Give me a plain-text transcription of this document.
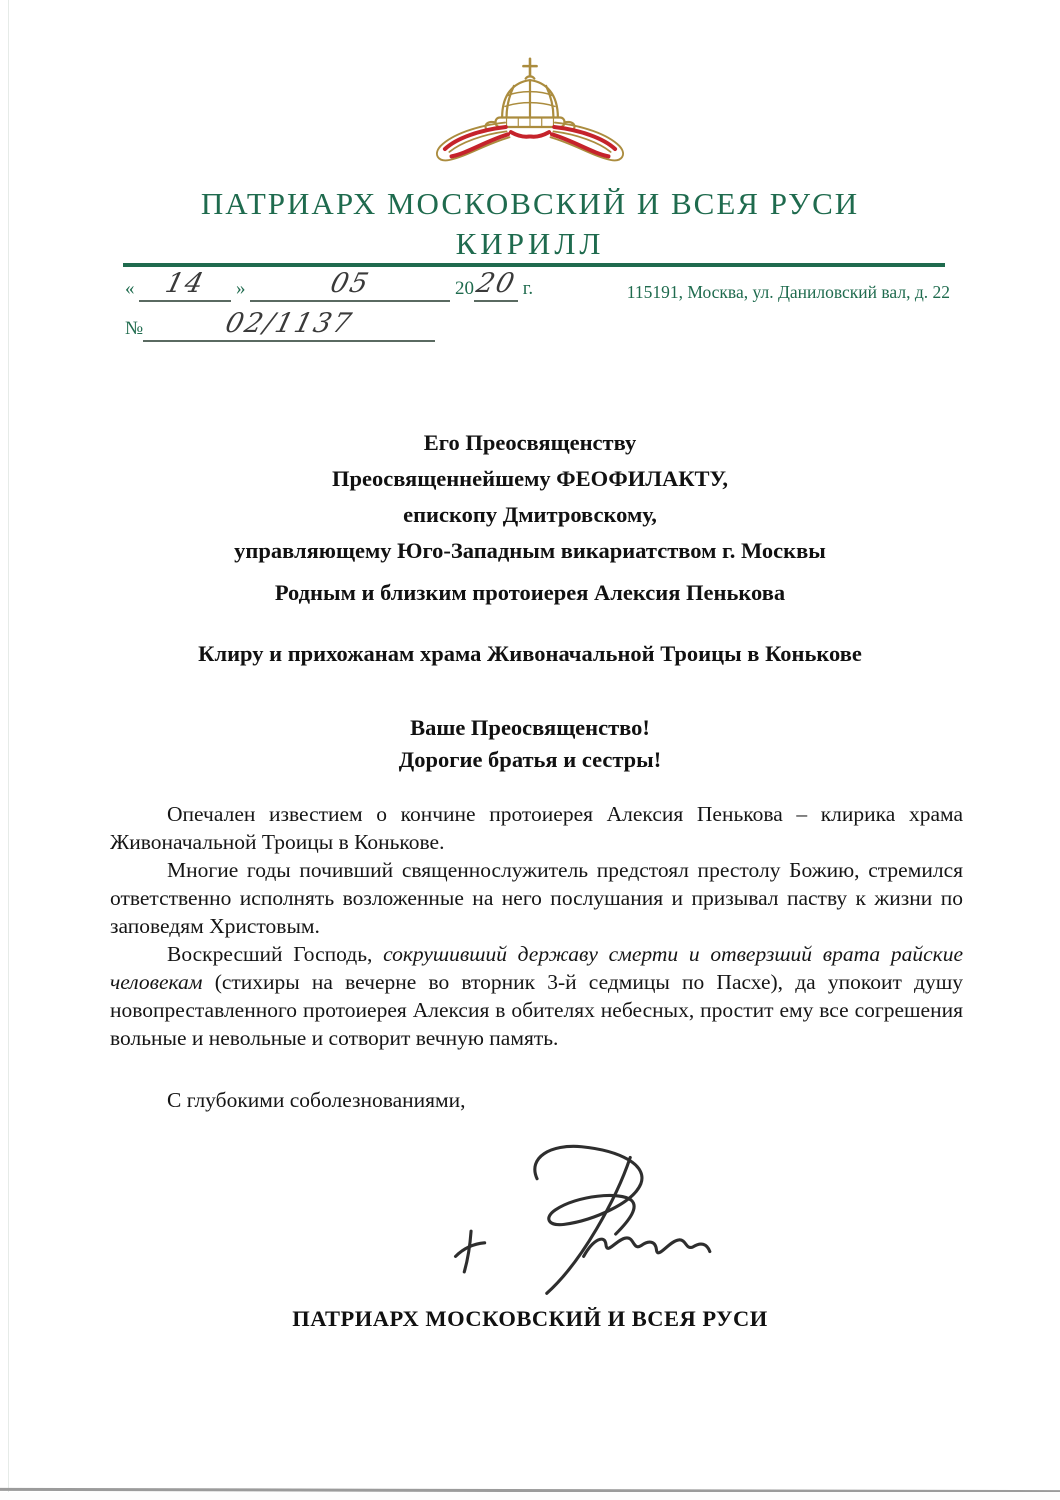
ПАТРИАРХ МОСКОВСКИЙ И ВСЕЯ РУСИ
КИРИЛЛ
« 14 »	05	2020 г.	115191, Москва, ул. Даниловский вал, д. 22
№	02/1137
Его Преосвященству
Преосвященнейшему ФЕОФИЛАКТУ,
епископу Дмитровскому,
управляющему Юго-Западным викариатством г. Москвы
Родным и близким протоиерея Алексия Пенькова
Клиру и прихожанам храма Живоначальной Троицы в Конькове
Ваше Преосвященство!
Дорогие братья и сестры!

Опечален известием о кончине протоиерея Алексия Пенькова – клирика храма Живоначальной Троицы в Конькове.

Многие годы почивший священнослужитель предстоял престолу Божию, стремился ответственно исполнять возложенные на него послушания и призывал паству к жизни по заповедям Христовым.

Воскресший Господь, сокрушивший державу смерти и отверзший врата райские человекам (стихиры на вечерне во вторник 3-й седмицы по Пасхе), да упокоит душу новопреставленного протоиерея Алексия в обителях небесных, простит ему все согрешения вольные и невольные и сотворит вечную память.

С глубокими соболезнованиями,

ПАТРИАРХ МОСКОВСКИЙ И ВСЕЯ РУСИ
